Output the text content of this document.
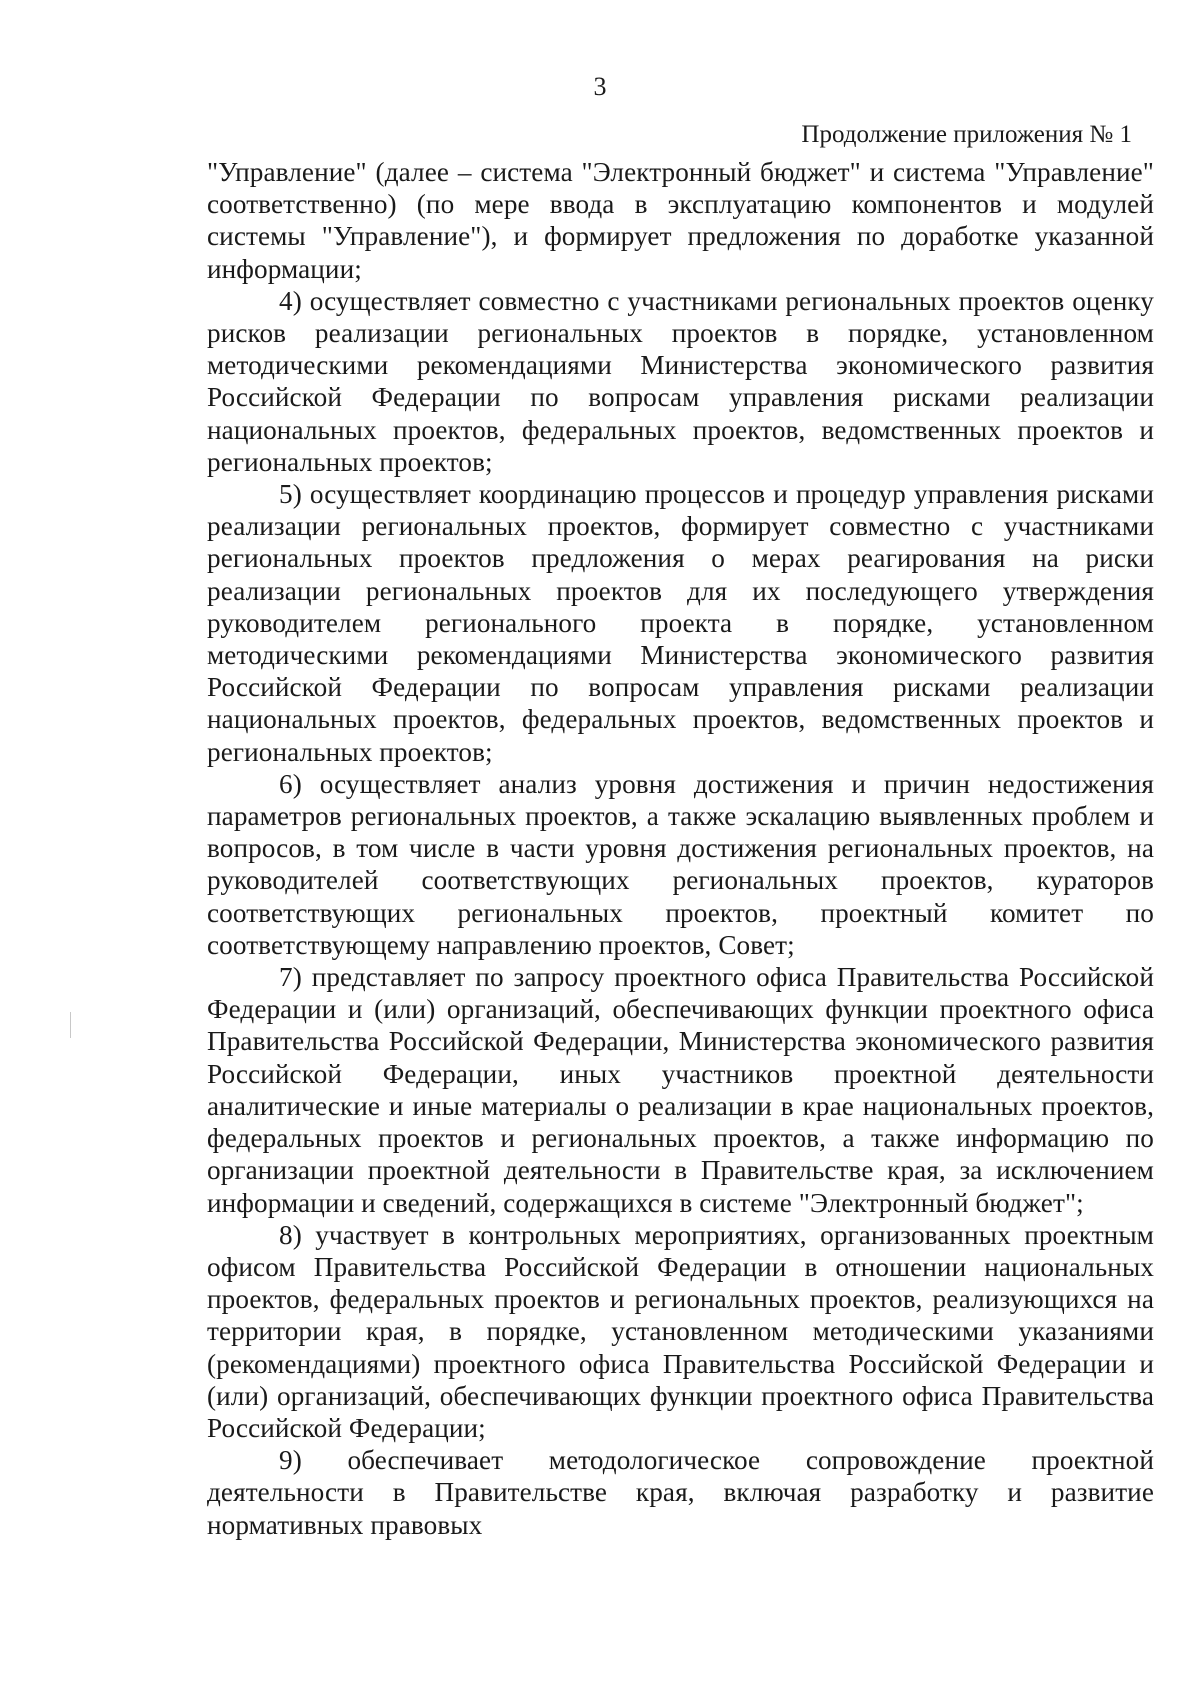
3
Продолжение приложения № 1

"Управление" (далее – система "Электронный бюджет" и система "Управление" соответственно) (по мере ввода в эксплуатацию компонентов и модулей системы "Управление"), и формирует предложения по доработке указанной информации;

4) осуществляет совместно с участниками региональных проектов оценку рисков реализации региональных проектов в порядке, установленном методическими рекомендациями Министерства экономического развития Российской Федерации по вопросам управления рисками реализации национальных проектов, федеральных проектов, ведомственных проектов и региональных проектов;

5) осуществляет координацию процессов и процедур управления рисками реализации региональных проектов, формирует совместно с участниками региональных проектов предложения о мерах реагирования на риски реализации региональных проектов для их последующего утверждения руководителем регионального проекта в порядке, установленном методическими рекомендациями Министерства экономического развития Российской Федерации по вопросам управления рисками реализации национальных проектов, федеральных проектов, ведомственных проектов и региональных проектов;

6) осуществляет анализ уровня достижения и причин недостижения параметров региональных проектов, а также эскалацию выявленных проблем и вопросов, в том числе в части уровня достижения региональных проектов, на руководителей соответствующих региональных проектов, кураторов соответствующих региональных проектов, проектный комитет по соответствующему направлению проектов, Совет;

7) представляет по запросу проектного офиса Правительства Российской Федерации и (или) организаций, обеспечивающих функции проектного офиса Правительства Российской Федерации, Министерства экономического развития Российской Федерации, иных участников проектной деятельности аналитические и иные материалы о реализации в крае национальных проектов, федеральных проектов и региональных проектов, а также информацию по организации проектной деятельности в Правительстве края, за исключением информации и сведений, содержащихся в системе "Электронный бюджет";

8) участвует в контрольных мероприятиях, организованных проектным офисом Правительства Российской Федерации в отношении национальных проектов, федеральных проектов и региональных проектов, реализующихся на территории края, в порядке, установленном методическими указаниями (рекомендациями) проектного офиса Правительства Российской Федерации и (или) организаций, обеспечивающих функции проектного офиса Правительства Российской Федерации;

9) обеспечивает методологическое сопровождение проектной деятельности в Правительстве края, включая разработку и развитие нормативных правовых
